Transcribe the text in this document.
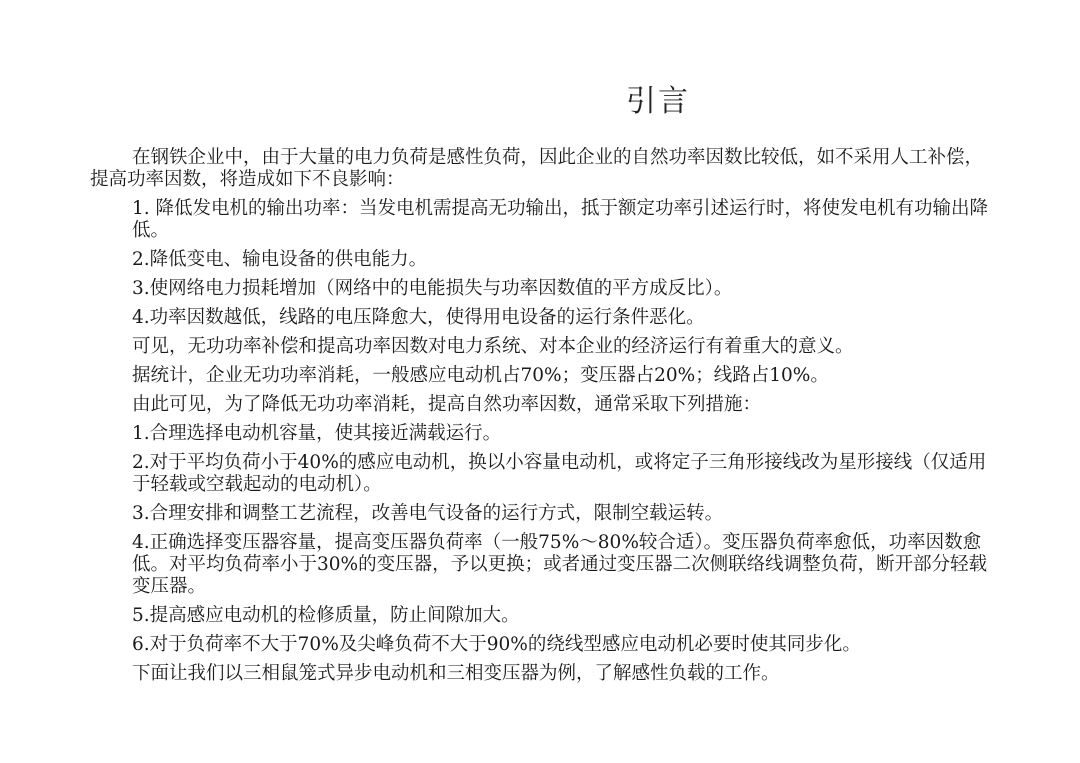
引言

在钢铁企业中，由于大量的电力负荷是感性负荷，因此企业的自然功率因数比较低，如不采用人工补偿，提高功率因数，将造成如下不良影响：

1. 降低发电机的输出功率：当发电机需提高无功输出，抵于额定功率引述运行时，将使发电机有功输出降低。

2.降低变电、输电设备的供电能力。

3.使网络电力损耗增加（网络中的电能损失与功率因数值的平方成反比）。

4.功率因数越低，线路的电压降愈大，使得用电设备的运行条件恶化。

可见，无功功率补偿和提高功率因数对电力系统、对本企业的经济运行有着重大的意义。

据统计，企业无功功率消耗，一般感应电动机占70%；变压器占20%；线路占10%。

由此可见，为了降低无功功率消耗，提高自然功率因数，通常采取下列措施：

1.合理选择电动机容量，使其接近满载运行。

2.对于平均负荷小于40%的感应电动机，换以小容量电动机，或将定子三角形接线改为星形接线（仅适用于轻载或空载起动的电动机）。

3.合理安排和调整工艺流程，改善电气设备的运行方式，限制空载运转。

4.正确选择变压器容量，提高变压器负荷率（一般75%～80%较合适）。变压器负荷率愈低，功率因数愈低。对平均负荷率小于30%的变压器，予以更换；或者通过变压器二次侧联络线调整负荷，断开部分轻载变压器。

5.提高感应电动机的检修质量，防止间隙加大。

6.对于负荷率不大于70%及尖峰负荷不大于90%的绕线型感应电动机必要时使其同步化。

下面让我们以三相鼠笼式异步电动机和三相变压器为例，了解感性负载的工作。
